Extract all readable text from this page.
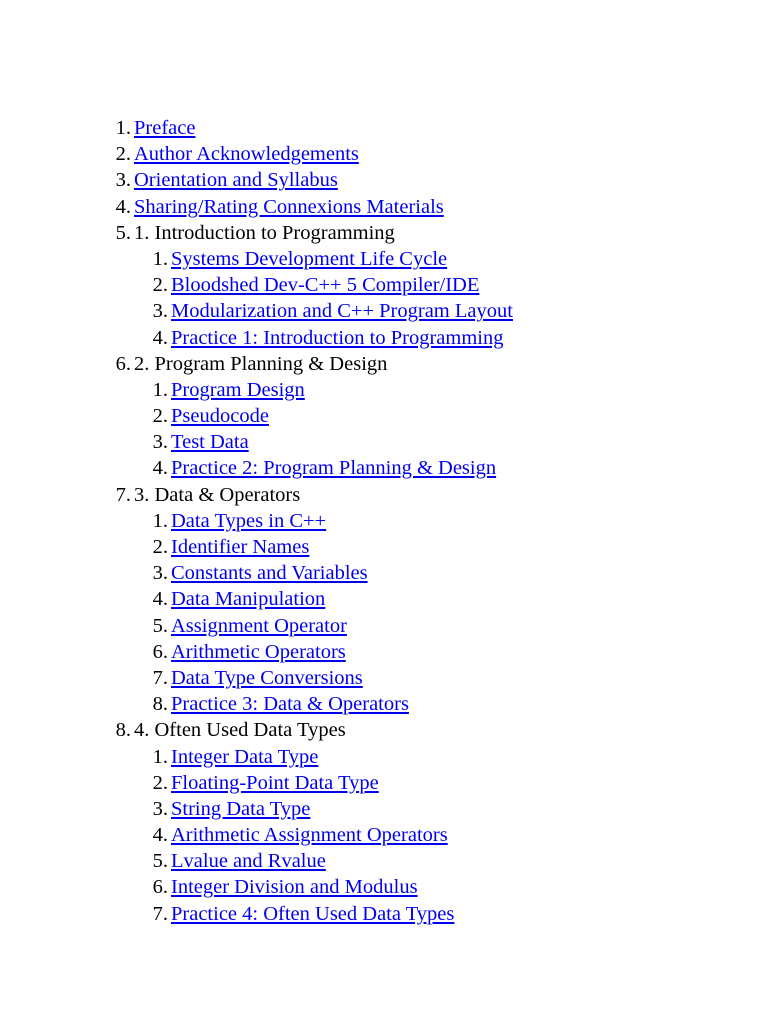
1. Preface
2. Author Acknowledgements
3. Orientation and Syllabus
4. Sharing/Rating Connexions Materials
5. 1. Introduction to Programming
1. Systems Development Life Cycle
2. Bloodshed Dev-C++ 5 Compiler/IDE
3. Modularization and C++ Program Layout
4. Practice 1: Introduction to Programming
6. 2. Program Planning & Design
1. Program Design
2. Pseudocode
3. Test Data
4. Practice 2: Program Planning & Design
7. 3. Data & Operators
1. Data Types in C++
2. Identifier Names
3. Constants and Variables
4. Data Manipulation
5. Assignment Operator
6. Arithmetic Operators
7. Data Type Conversions
8. Practice 3: Data & Operators
8. 4. Often Used Data Types
1. Integer Data Type
2. Floating-Point Data Type
3. String Data Type
4. Arithmetic Assignment Operators
5. Lvalue and Rvalue
6. Integer Division and Modulus
7. Practice 4: Often Used Data Types
